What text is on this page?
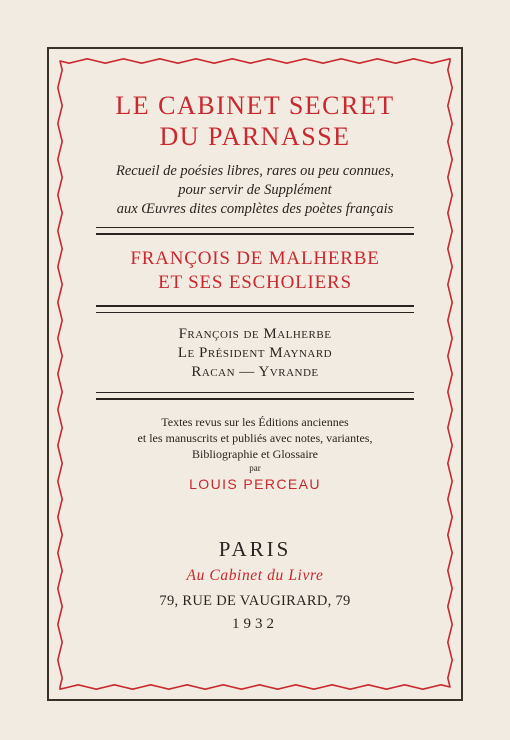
LE CABINET SECRET
DU PARNASSE
Recueil de poésies libres, rares ou peu connues,
pour servir de Supplément
aux Œuvres dites complètes des poètes français
FRANÇOIS DE MALHERBE
ET SES ESCHOLIERS
François de Malherbe
Le Président Maynard
Racan — Yvrande
Textes revus sur les Éditions anciennes
et les manuscrits et publiés avec notes, variantes,
Bibliographie et Glossaire
par
LOUIS PERCEAU
PARIS
Au Cabinet du Livre
79, RUE DE VAUGIRARD, 79
1932
